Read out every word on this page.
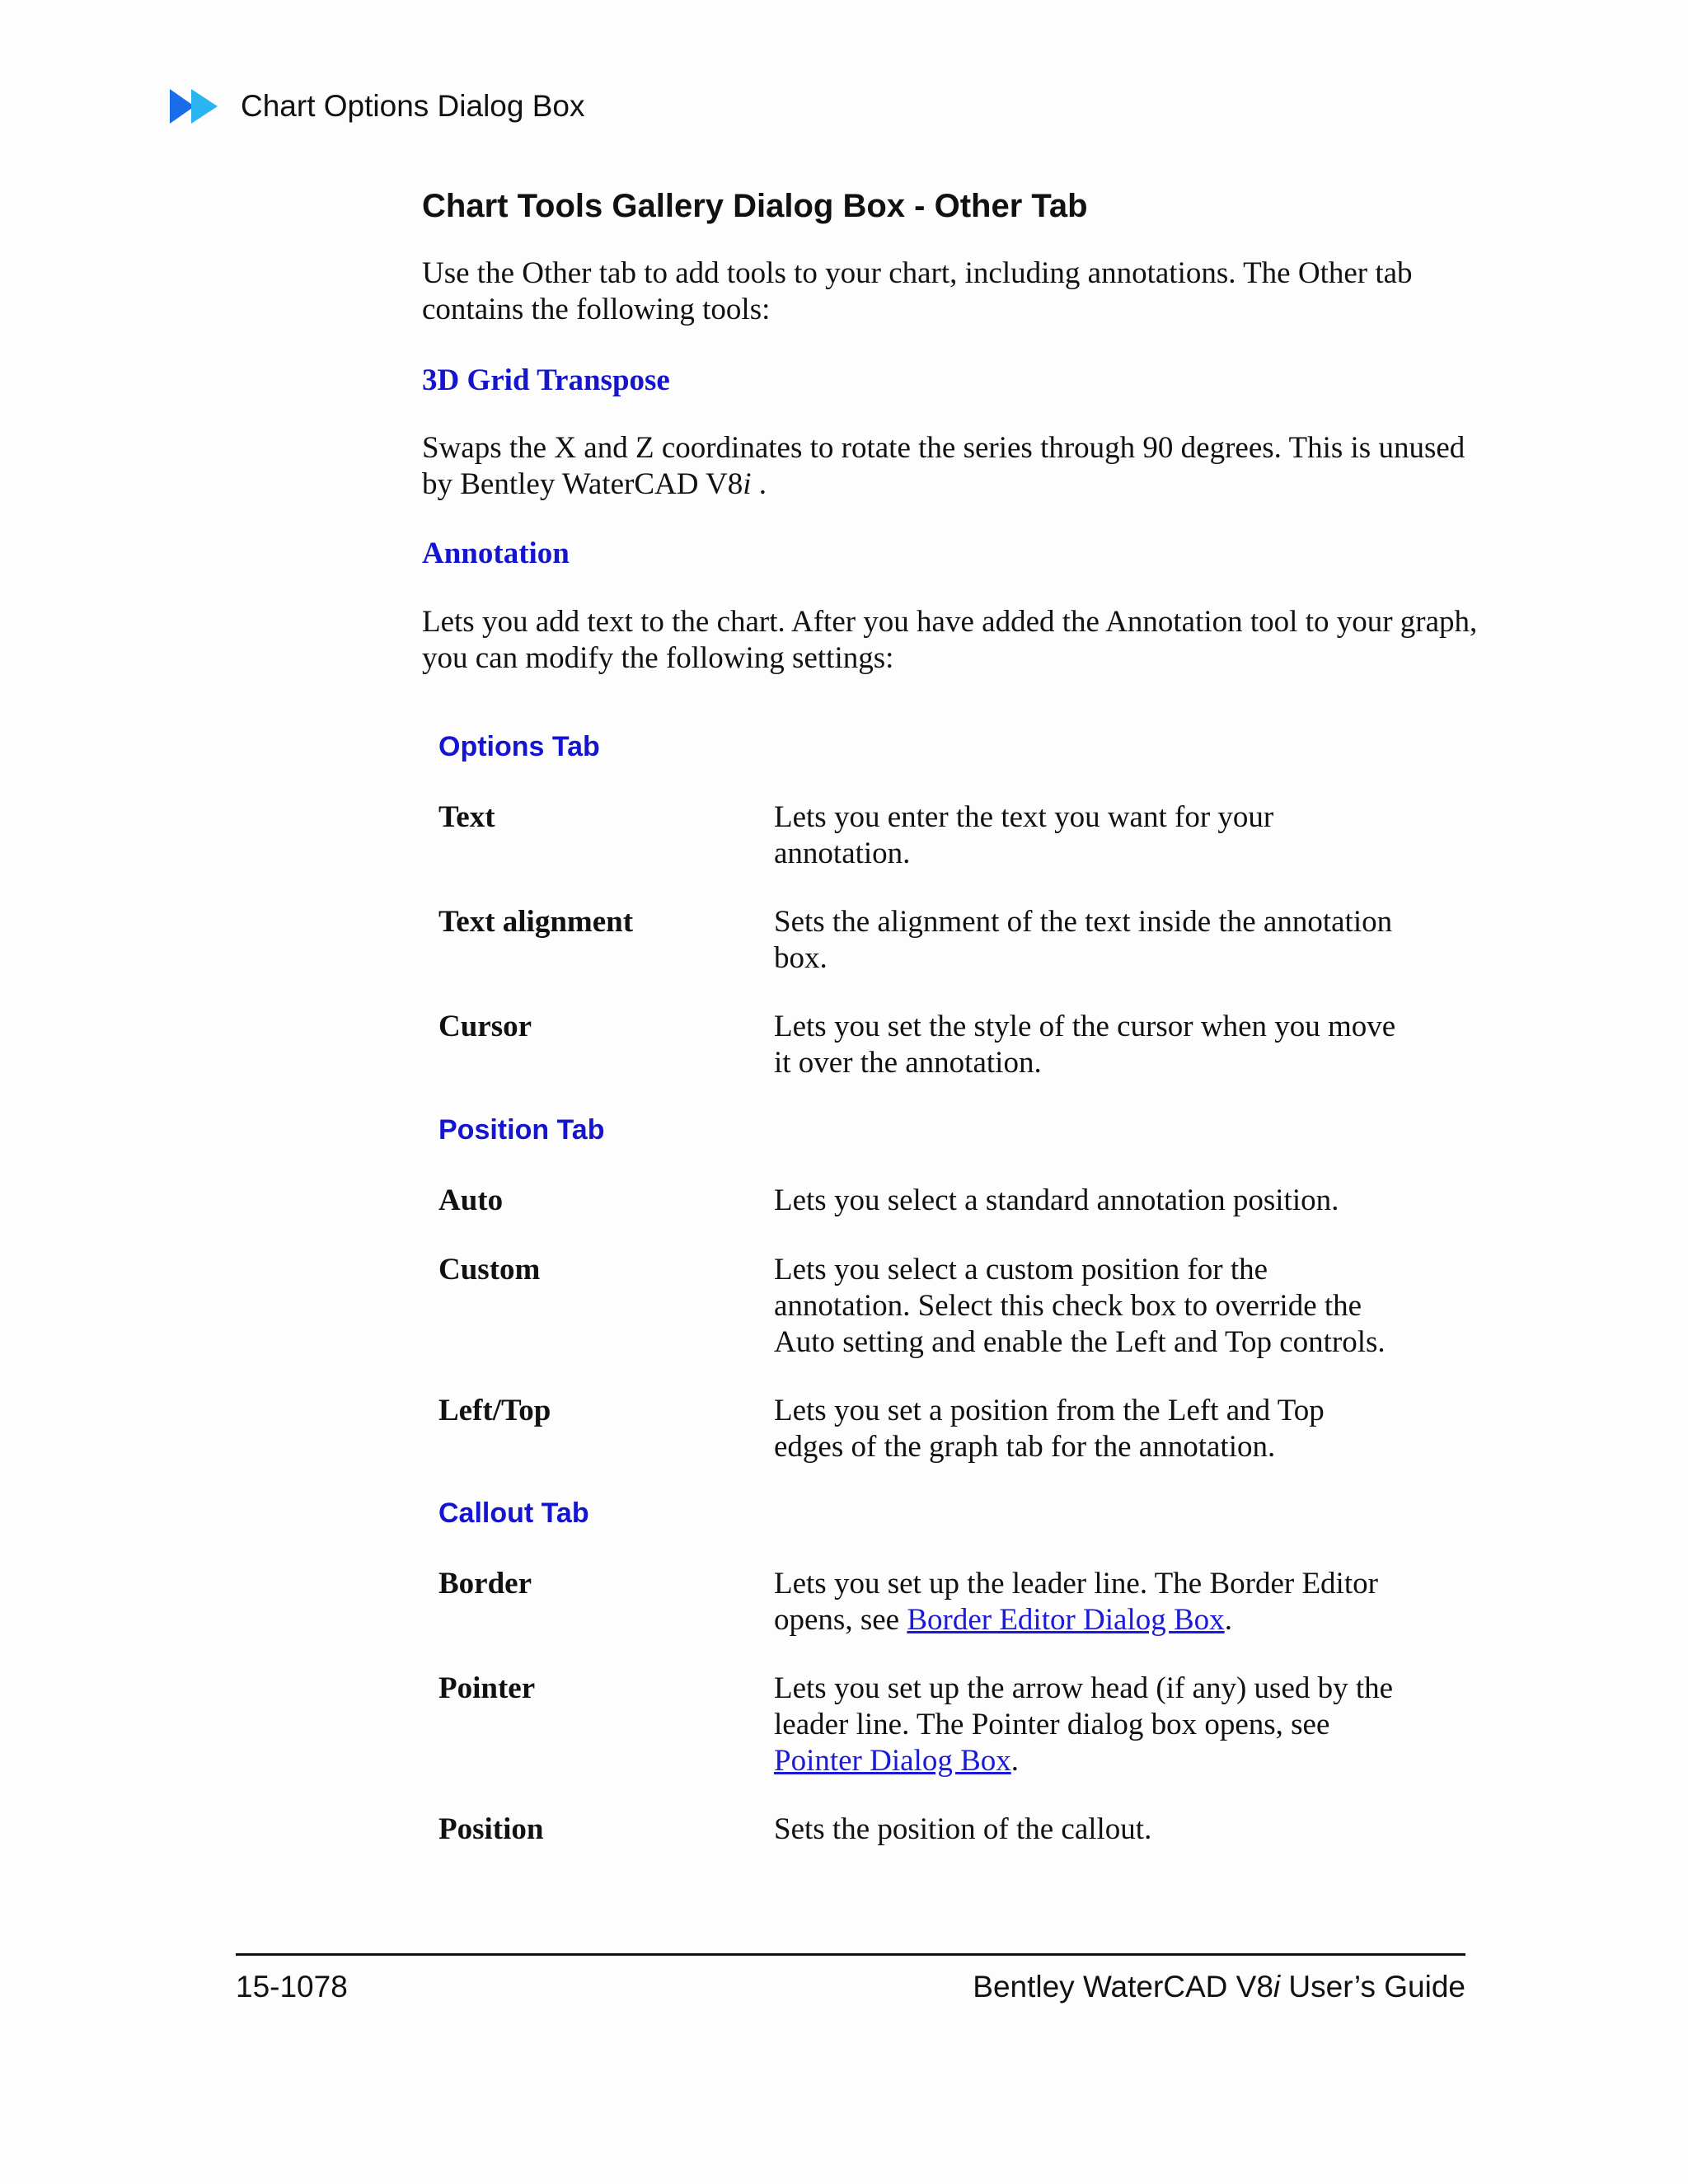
Chart Options Dialog Box
Chart Tools Gallery Dialog Box - Other Tab
Use the Other tab to add tools to your chart, including annotations. The Other tab contains the following tools:
3D Grid Transpose
Swaps the X and Z coordinates to rotate the series through 90 degrees. This is unused by Bentley WaterCAD V8i .
Annotation
Lets you add text to the chart. After you have added the Annotation tool to your graph, you can modify the following settings:
Options Tab
Text	Lets you enter the text you want for your annotation.
Text alignment	Sets the alignment of the text inside the annotation box.
Cursor	Lets you set the style of the cursor when you move it over the annotation.
Position Tab
Auto	Lets you select a standard annotation position.
Custom	Lets you select a custom position for the annotation. Select this check box to override the Auto setting and enable the Left and Top controls.
Left/Top	Lets you set a position from the Left and Top edges of the graph tab for the annotation.
Callout Tab
Border	Lets you set up the leader line. The Border Editor opens, see Border Editor Dialog Box.
Pointer	Lets you set up the arrow head (if any) used by the leader line. The Pointer dialog box opens, see Pointer Dialog Box.
Position	Sets the position of the callout.
15-1078	Bentley WaterCAD V8i User’s Guide
